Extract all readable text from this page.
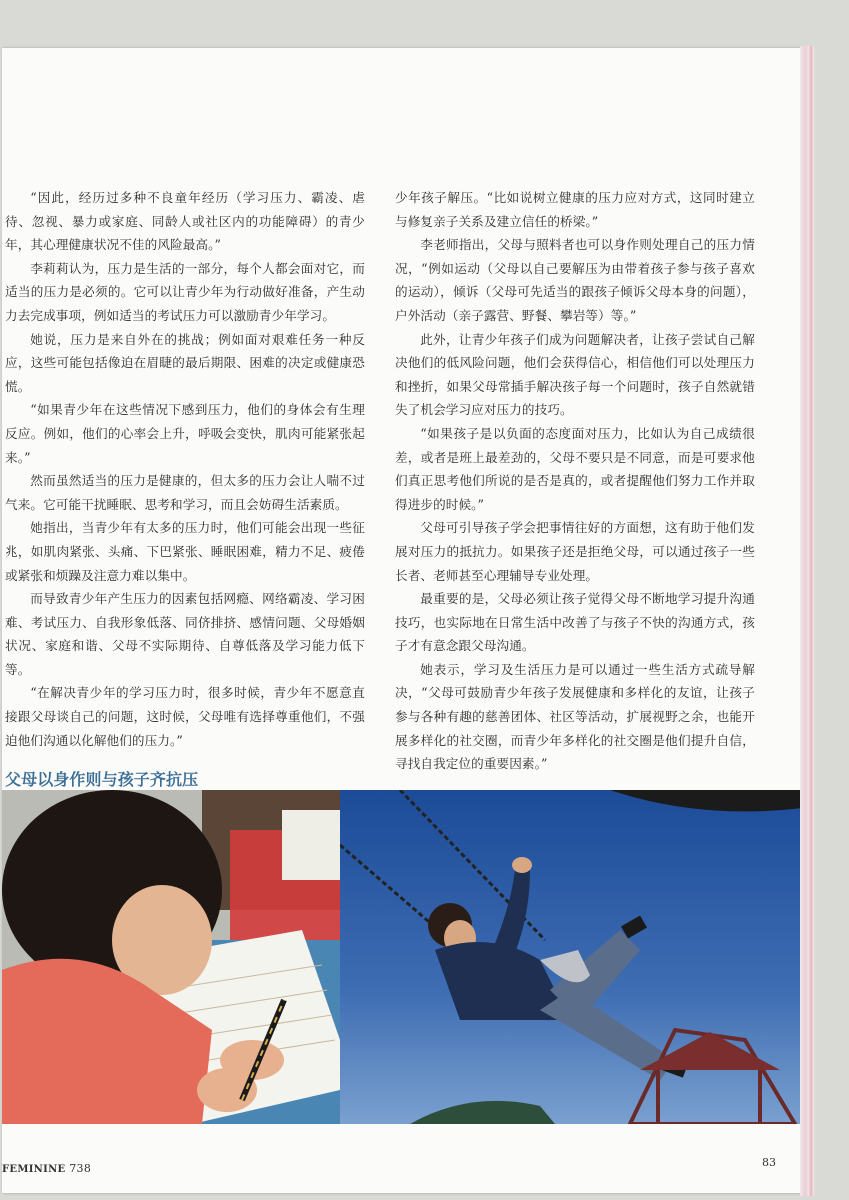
“因此，经历过多种不良童年经历（学习压力、霸凌、虐待、忽视、暴力或家庭、同龄人或社区内的功能障碍）的青少年，其心理健康状况不佳的风险最高。”

李莉莉认为，压力是生活的一部分，每个人都会面对它，而适当的压力是必须的。它可以让青少年为行动做好准备，产生动力去完成事项，例如适当的考试压力可以激励青少年学习。

她说，压力是来自外在的挑战；例如面对艰难任务一种反应，这些可能包括像迫在眉睫的最后期限、困难的决定或健康恐慌。

“如果青少年在这些情况下感到压力，他们的身体会有生理反应。例如，他们的心率会上升，呼吸会变快，肌肉可能紧张起来。”

然而虽然适当的压力是健康的，但太多的压力会让人喘不过气来。它可能干扰睡眠、思考和学习，而且会妨碍生活素质。

她指出，当青少年有太多的压力时，他们可能会出现一些征兆，如肌肉紧张、头痛、下巴紧张、睡眠困难，精力不足、疲倦或紧张和烦躁及注意力难以集中。

而导致青少年产生压力的因素包括网瘾、网络霸凌、学习困难、考试压力、自我形象低落、同侪排挤、感情问题、父母婚姻状况、家庭和谐、父母不实际期待、自尊低落及学习能力低下等。

“在解决青少年的学习压力时，很多时候，青少年不愿意直接跟父母谈自己的问题，这时候，父母唯有选择尊重他们，不强迫他们沟通以化解他们的压力。”

父母以身作则与孩子齐抗压

少年孩子解压。“比如说树立健康的压力应对方式，这同时建立与修复亲子关系及建立信任的桥梁。”

李老师指出，父母与照料者也可以身作则处理自己的压力情况，“例如运动（父母以自己要解压为由带着孩子参与孩子喜欢的运动），倾诉（父母可先适当的跟孩子倾诉父母本身的问题），户外活动（亲子露营、野餐、攀岩等）等。”

此外，让青少年孩子们成为问题解决者，让孩子尝试自己解决他们的低风险问题，他们会获得信心，相信他们可以处理压力和挫折，如果父母常插手解决孩子每一个问题时，孩子自然就错失了机会学习应对压力的技巧。

“如果孩子是以负面的态度面对压力，比如认为自己成绩很差，或者是班上最差劲的，父母不要只是不同意，而是可要求他们真正思考他们所说的是否是真的，或者提醒他们努力工作并取得进步的时候。”

父母可引导孩子学会把事情往好的方面想，这有助于他们发展对压力的抵抗力。如果孩子还是拒绝父母，可以通过孩子一些长者、老师甚至心理辅导专业处理。

最重要的是，父母必须让孩子觉得父母不断地学习提升沟通技巧，也实际地在日常生活中改善了与孩子不快的沟通方式，孩子才有意念跟父母沟通。

她表示，学习及生活压力是可以通过一些生活方式疏导解决，“父母可鼓励青少年孩子发展健康和多样化的友谊，让孩子参与各种有趣的慈善团体、社区等活动，扩展视野之余，也能开展多样化的社交圈，而青少年多样化的社交圈是他们提升自信，寻找自我定位的重要因素。”

FEMININE 738	83
